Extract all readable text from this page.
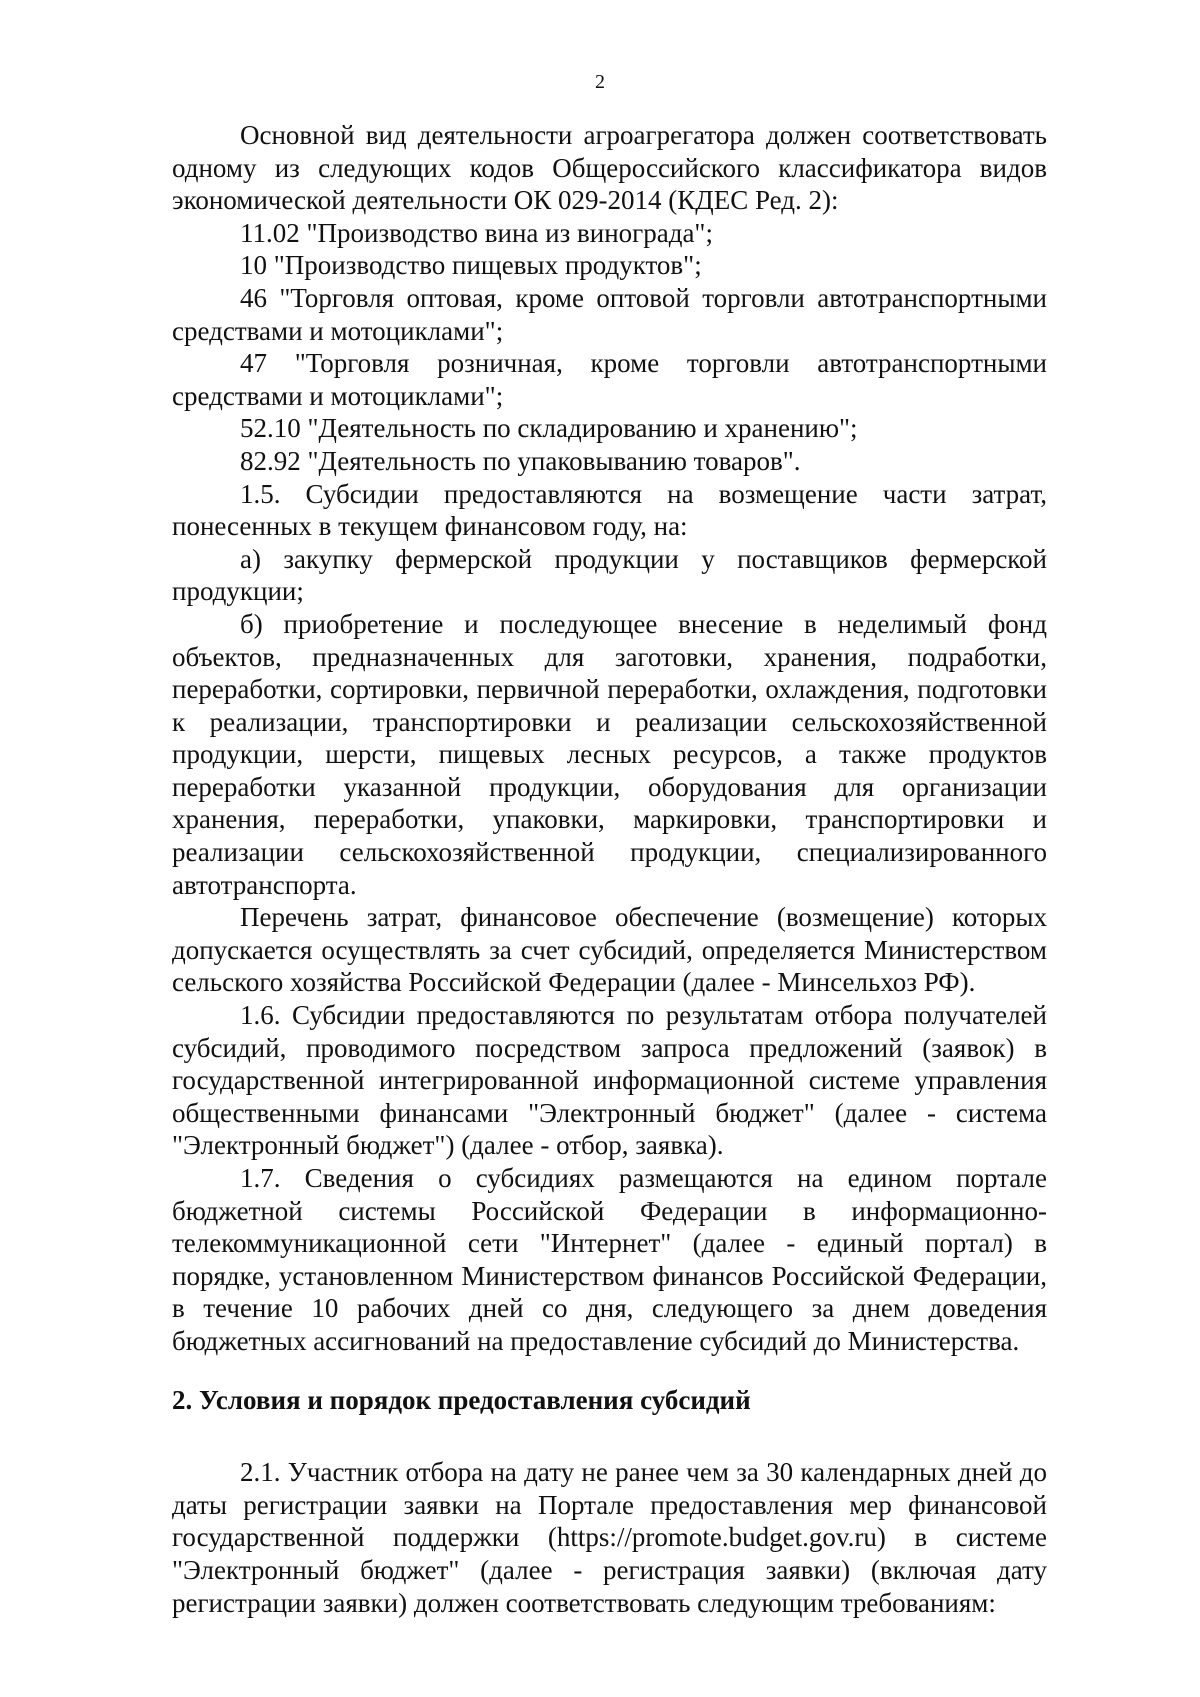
2

Основной вид деятельности агроагрегатора должен соответствовать одному из следующих кодов Общероссийского классификатора видов экономической деятельности ОК 029-2014 (КДЕС Ред. 2):

11.02 "Производство вина из винограда";

10 "Производство пищевых продуктов";

46 "Торговля оптовая, кроме оптовой торговли автотранспортными средствами и мотоциклами";

47 "Торговля розничная, кроме торговли автотранспортными средствами и мотоциклами";

52.10 "Деятельность по складированию и хранению";

82.92 "Деятельность по упаковыванию товаров".

1.5. Субсидии предоставляются на возмещение части затрат, понесенных в текущем финансовом году, на:

а) закупку фермерской продукции у поставщиков фермерской продукции;

б) приобретение и последующее внесение в неделимый фонд объектов, предназначенных для заготовки, хранения, подработки, переработки, сортировки, первичной переработки, охлаждения, подготовки к реализации, транспортировки и реализации сельскохозяйственной продукции, шерсти, пищевых лесных ресурсов, а также продуктов переработки указанной продукции, оборудования для организации хранения, переработки, упаковки, маркировки, транспортировки и реализации сельскохозяйственной продукции, специализированного автотранспорта.

Перечень затрат, финансовое обеспечение (возмещение) которых допускается осуществлять за счет субсидий, определяется Министерством сельского хозяйства Российской Федерации (далее - Минсельхоз РФ).

1.6. Субсидии предоставляются по результатам отбора получателей субсидий, проводимого посредством запроса предложений (заявок) в государственной интегрированной информационной системе управления общественными финансами "Электронный бюджет" (далее - система "Электронный бюджет") (далее - отбор, заявка).

1.7. Сведения о субсидиях размещаются на едином портале бюджетной системы Российской Федерации в информационно-телекоммуникационной сети "Интернет" (далее - единый портал) в порядке, установленном Министерством финансов Российской Федерации, в течение 10 рабочих дней со дня, следующего за днем доведения бюджетных ассигнований на предоставление субсидий до Министерства.

2. Условия и порядок предоставления субсидий

2.1. Участник отбора на дату не ранее чем за 30 календарных дней до даты регистрации заявки на Портале предоставления мер финансовой государственной поддержки (https://promote.budget.gov.ru) в системе "Электронный бюджет" (далее - регистрация заявки) (включая дату регистрации заявки) должен соответствовать следующим требованиям:
